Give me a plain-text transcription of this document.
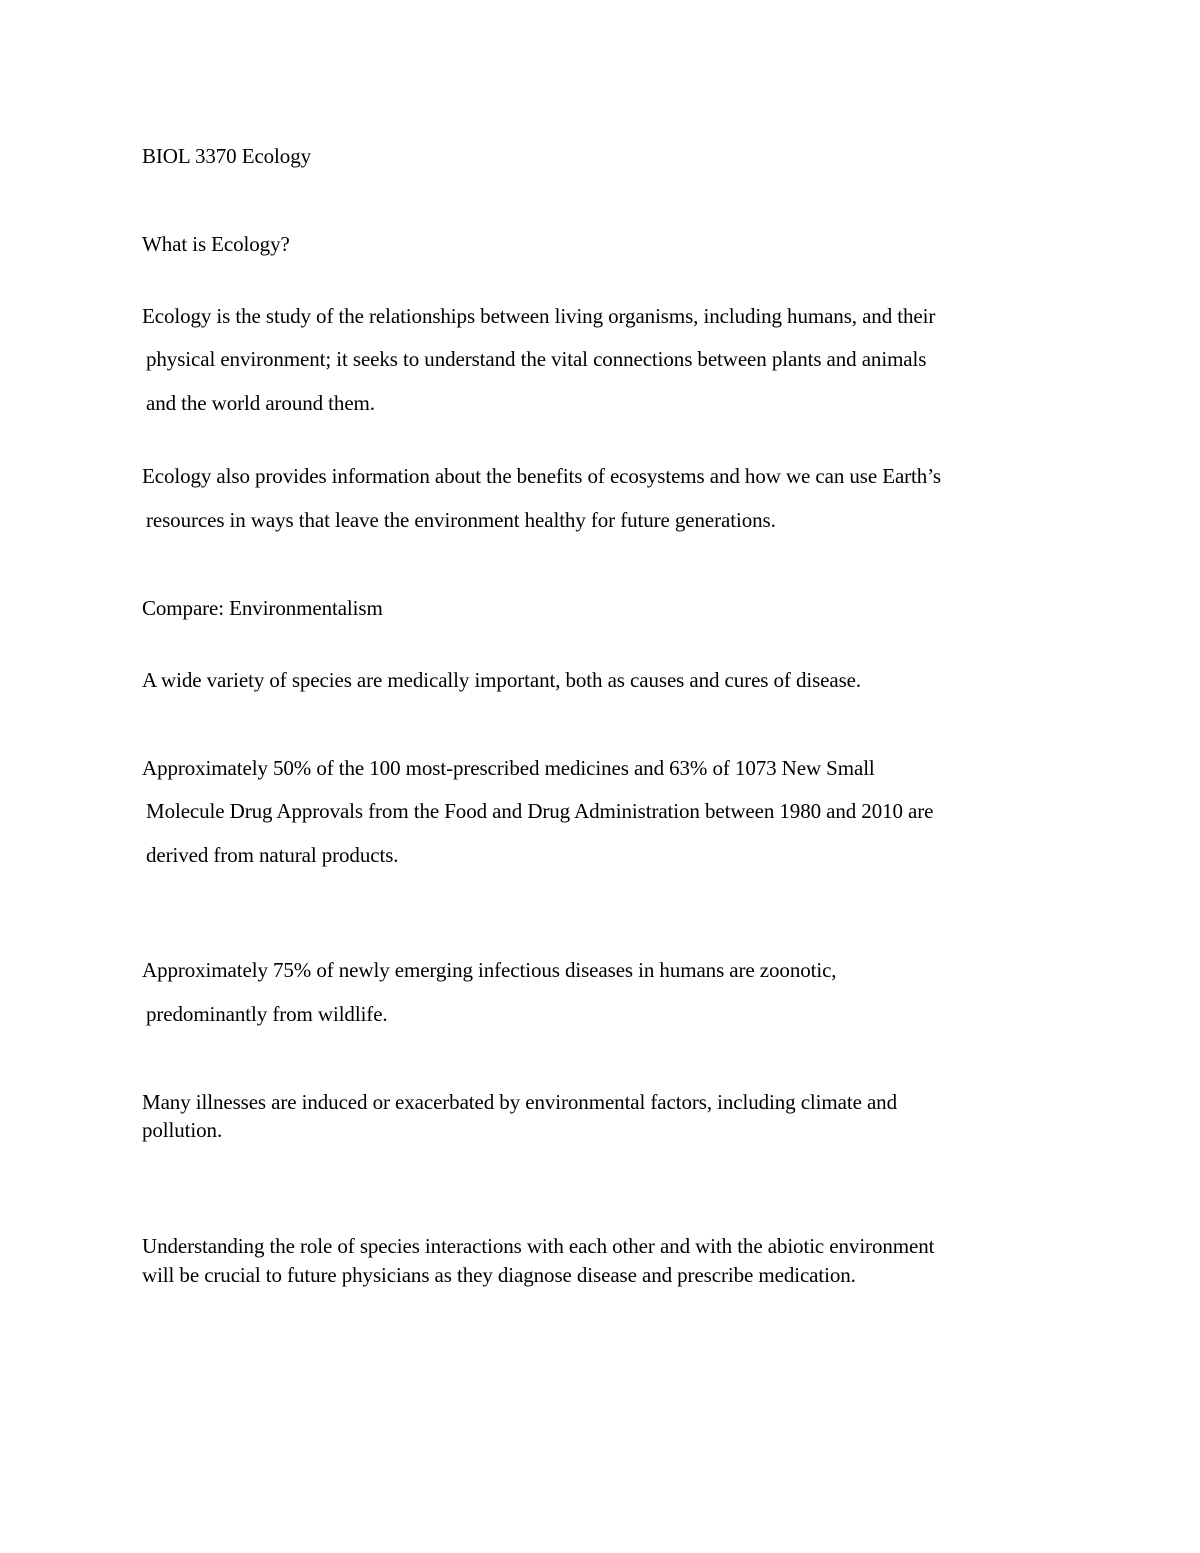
BIOL 3370 Ecology

What is Ecology?

Ecology is the study of the relationships between living organisms, including humans, and their

physical environment; it seeks to understand the vital connections between plants and animals

and the world around them.

Ecology also provides information about the benefits of ecosystems and how we can use Earth’s

resources in ways that leave the environment healthy for future generations.

Compare: Environmentalism

A wide variety of species are medically important, both as causes and cures of disease.

Approximately 50% of the 100 most-prescribed medicines and 63% of 1073 New Small

Molecule Drug Approvals from the Food and Drug Administration between 1980 and 2010 are

derived from natural products.

Approximately 75% of newly emerging infectious diseases in humans are zoonotic,

predominantly from wildlife.

Many illnesses are induced or exacerbated by environmental factors, including climate and

pollution.

Understanding the role of species interactions with each other and with the abiotic environment

will be crucial to future physicians as they diagnose disease and prescribe medication.
